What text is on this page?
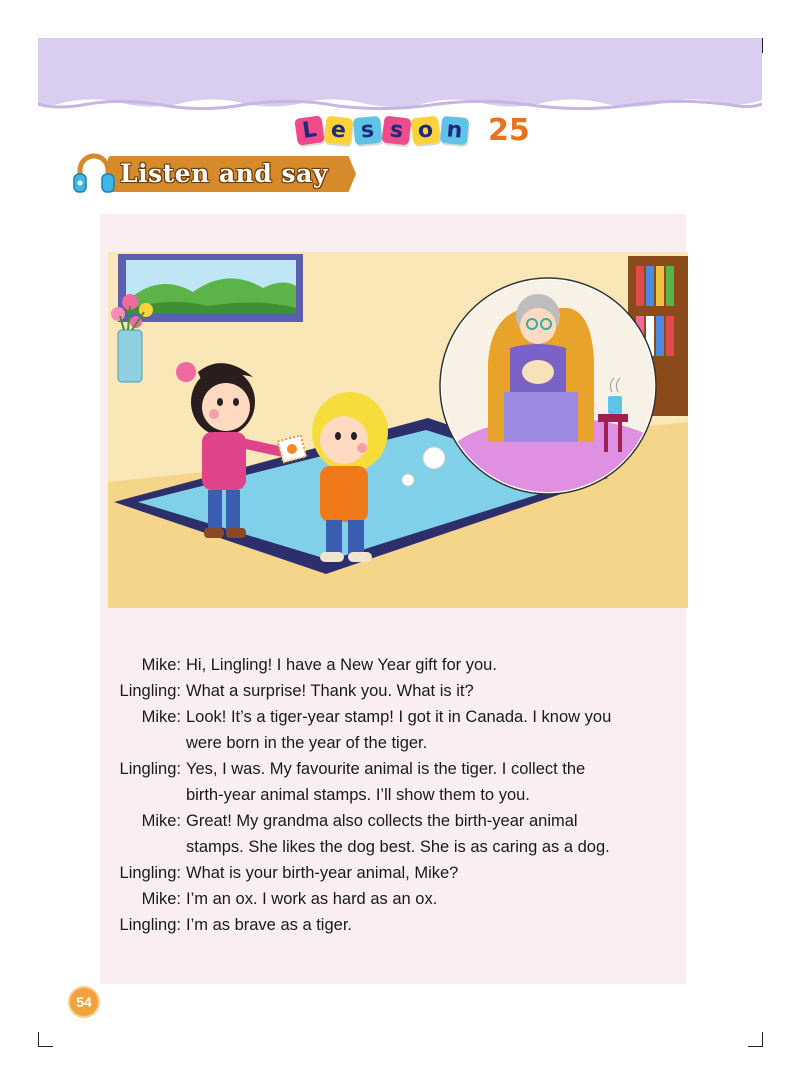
L e s s o n 25
Listen and say
Mike: Hi, Lingling! I have a New Year gift for you.
Lingling: What a surprise! Thank you. What is it?
Mike: Look! It’s a tiger-year stamp! I got it in Canada. I know you
were born in the year of the tiger.
Lingling: Yes, I was. My favourite animal is the tiger. I collect the
birth-year animal stamps. I’ll show them to you.
Mike: Great! My grandma also collects the birth-year animal
stamps. She likes the dog best. She is as caring as a dog.
Lingling: What is your birth-year animal, Mike?
Mike: I’m an ox. I work as hard as an ox.
Lingling: I’m as brave as a tiger.
54
